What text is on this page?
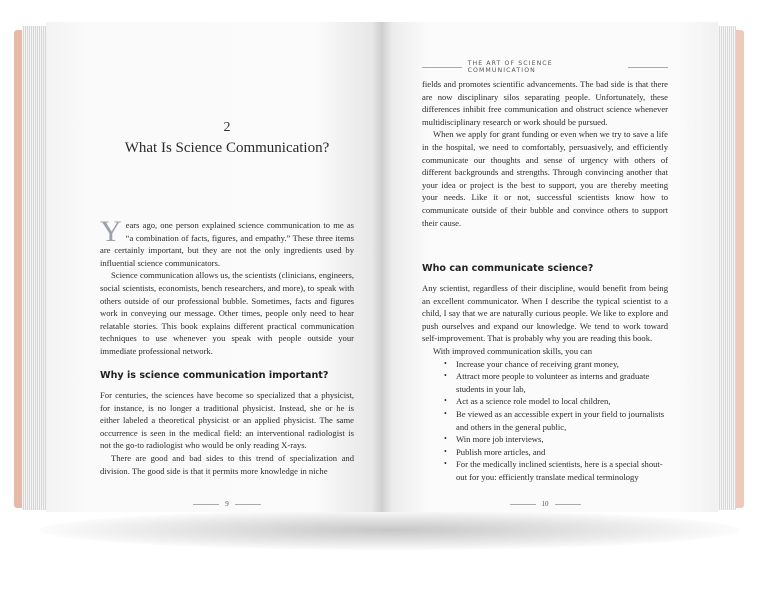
2
What Is Science Communication?

Years ago, one person explained science communication to me as “a combination of facts, figures, and empathy.” These three items are certainly important, but they are not the only ingredients used by influential science communicators.

Science communication allows us, the scientists (clinicians, engineers, social scientists, economists, bench researchers, and more), to speak with others outside of our professional bubble. Sometimes, facts and figures work in conveying our message. Other times, people only need to hear relatable stories. This book explains different practical communication techniques to use whenever you speak with people outside your immediate professional network.

Why is science communication important?

For centuries, the sciences have become so specialized that a physicist, for instance, is no longer a traditional physicist. Instead, she or he is either labeled a theoretical physicist or an applied physicist. The same occurrence is seen in the medical field: an interventional radiologist is not the go-to radiologist who would be only reading X-rays.

There are good and bad sides to this trend of specialization and division. The good side is that it permits more knowledge in niche

9
THE ART OF SCIENCE COMMUNICATION

fields and promotes scientific advancements. The bad side is that there are now disciplinary silos separating people. Unfortunately, these differences inhibit free communication and obstruct science whenever multidisciplinary research or work should be pursued.

When we apply for grant funding or even when we try to save a life in the hospital, we need to comfortably, persuasively, and efficiently communicate our thoughts and sense of urgency with others of different backgrounds and strengths. Through convincing another that your idea or project is the best to support, you are thereby meeting your needs. Like it or not, successful scientists know how to communicate outside of their bubble and convince others to support their cause.

Who can communicate science?

Any scientist, regardless of their discipline, would benefit from being an excellent communicator. When I describe the typical scientist to a child, I say that we are naturally curious people. We like to explore and push ourselves and expand our knowledge. We tend to work toward self-improvement. That is probably why you are reading this book.

With improved communication skills, you can

• Increase your chance of receiving grant money,
• Attract more people to volunteer as interns and graduate students in your lab,
• Act as a science role model to local children,
• Be viewed as an accessible expert in your field to journalists and others in the general public,
• Win more job interviews,
• Publish more articles, and
• For the medically inclined scientists, here is a special shout-out for you: efficiently translate medical terminology
10
